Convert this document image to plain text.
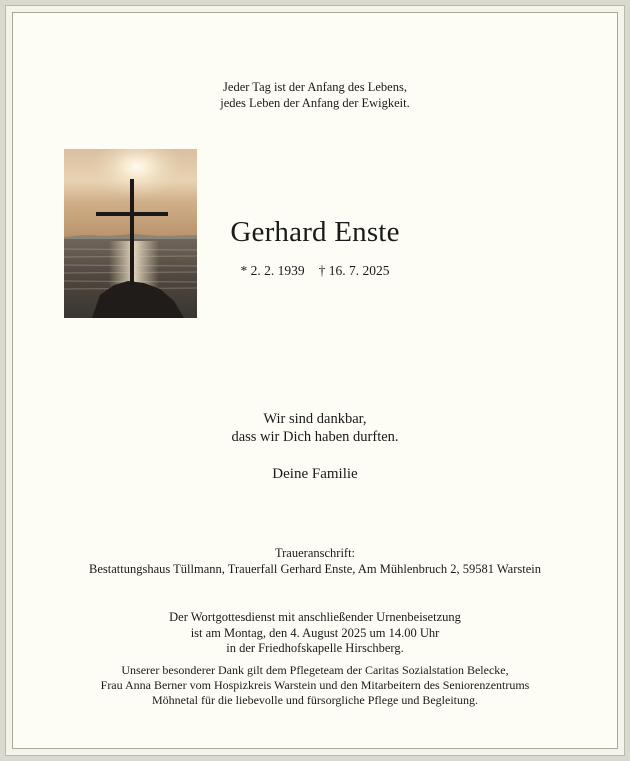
Jeder Tag ist der Anfang des Lebens,
jedes Leben der Anfang der Ewigkeit.
Gerhard Enste
* 2. 2. 1939 † 16. 7. 2025
Wir sind dankbar,
dass wir Dich haben durften.
Deine Familie
Traueranschrift:
Bestattungshaus Tüllmann, Trauerfall Gerhard Enste, Am Mühlenbruch 2, 59581 Warstein
Der Wortgottesdienst mit anschließender Urnenbeisetzung
ist am Montag, den 4. August 2025 um 14.00 Uhr
in der Friedhofskapelle Hirschberg.
Unserer besonderer Dank gilt dem Pflegeteam der Caritas Sozialstation Belecke,
Frau Anna Berner vom Hospizkreis Warstein und den Mitarbeitern des Seniorenzentrums
Möhnetal für die liebevolle und fürsorgliche Pflege und Begleitung.
